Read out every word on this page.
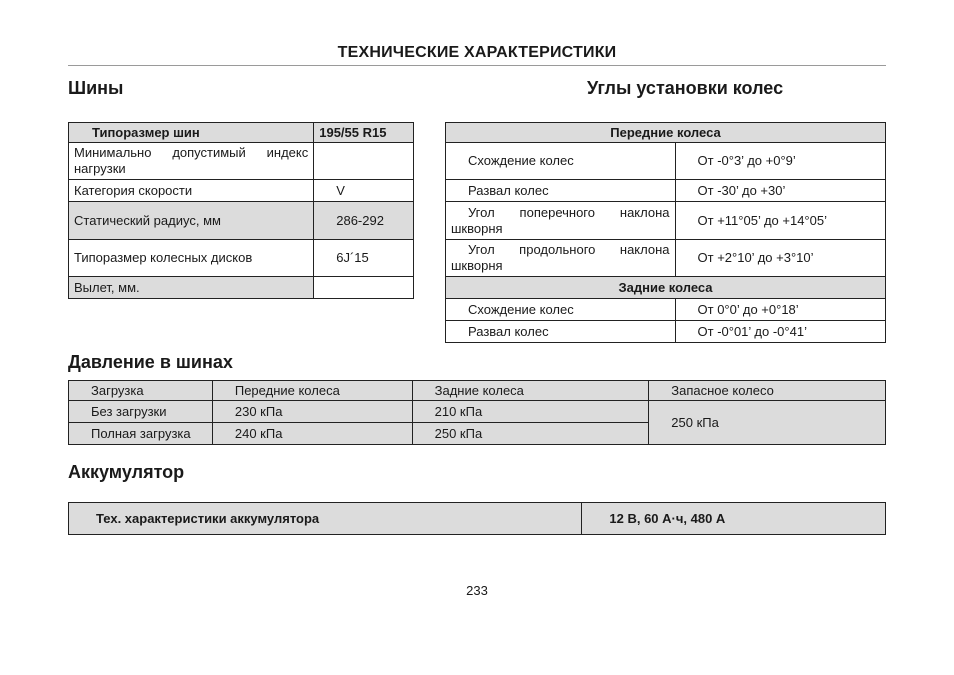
ТЕХНИЧЕСКИЕ ХАРАКТЕРИСТИКИ
Шины
Типоразмер шин	195/55 R15

Минимально допустимый индекс
нагрузки	

Категория скорости	V
Статический радиус, мм	286-292
Типоразмер колесных дисков	6J´15
Вылет, мм.	
Углы установки колес
Передние колеса	
Схождение колес	От -0°3’ до +0°9’
Развал колес	От -30’ до +30’

Угол поперечного наклона
шкворня	От +11°05’ до +14°05’

Угол продольного наклона
шкворня	От +2°10’ до +3°10’
Задние колеса	
Схождение колес	От 0°0’ до +0°18’
Развал колес	От -0°01’ до -0°41’
Давление в шинах
Загрузка	Передние колеса	Задние колеса	Запасное колесо
Без загрузки	230 кПа	210 кПа	250 кПа
Полная загрузка	240 кПа	250 кПа	
Аккумулятор
Тех. характеристики аккумулятора	12 В, 60 А·ч, 480 А
233
